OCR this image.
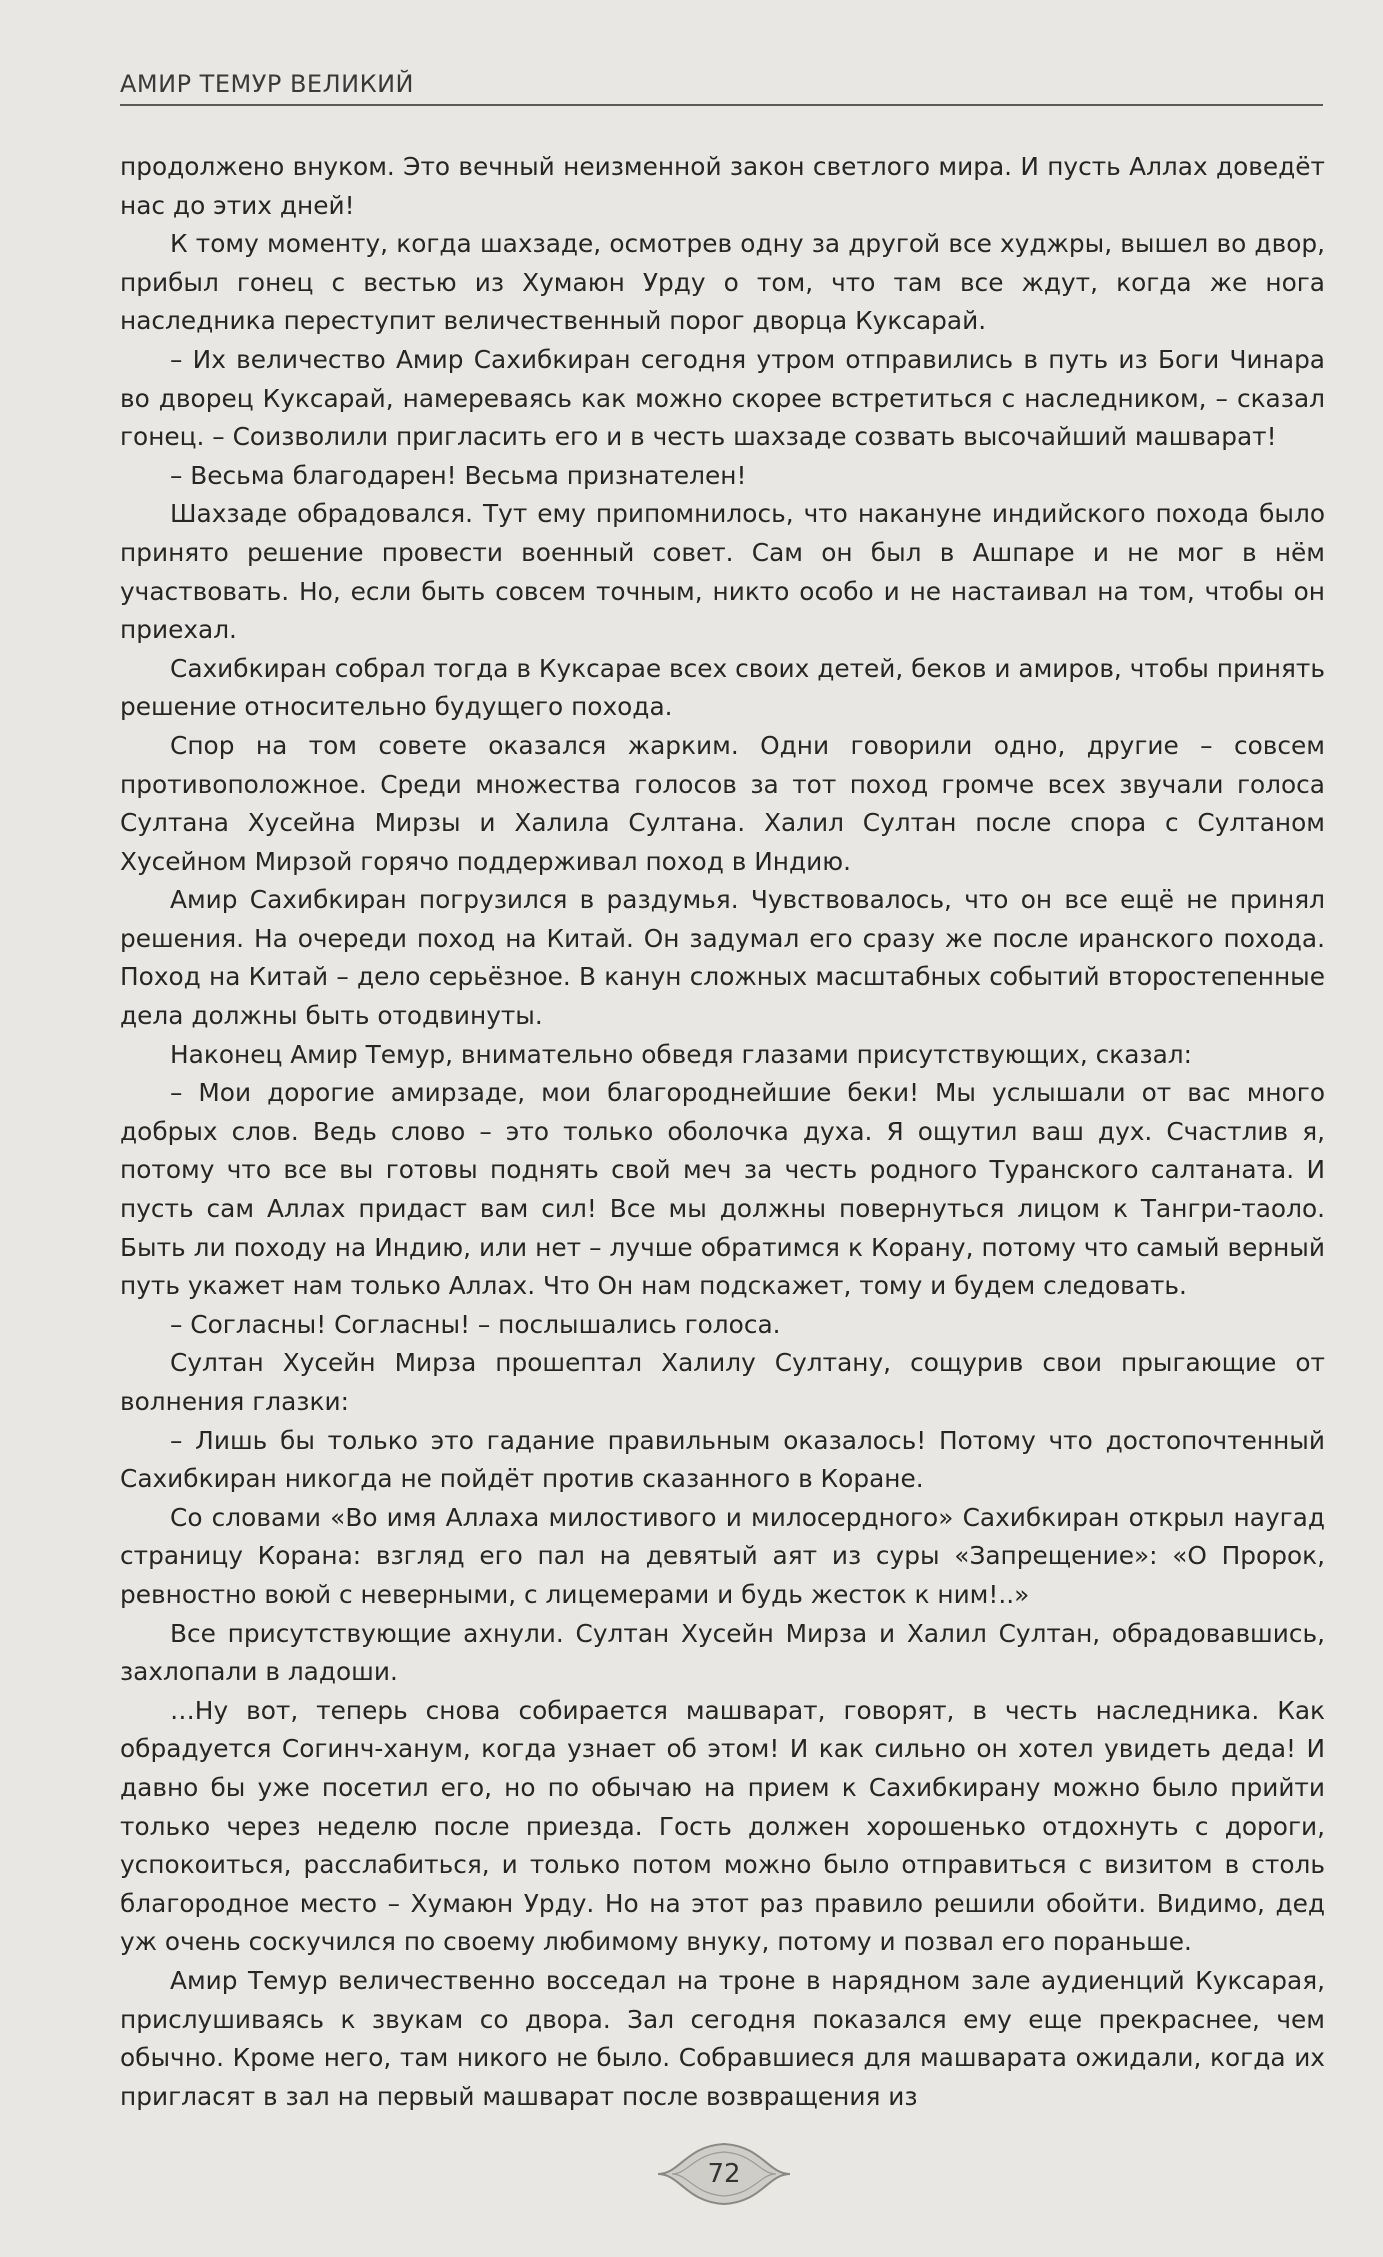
АМИР ТЕМУР ВЕЛИКИЙ

продолжено внуком. Это вечный неизменной закон светлого мира. И пусть Аллах доведёт нас до этих дней!

К тому моменту, когда шахзаде, осмотрев одну за другой все худжры, вышел во двор, прибыл гонец с вестью из Хумаюн Урду о том, что там все ждут, когда же нога наследника переступит величественный порог дворца Куксарай.

– Их величество Амир Сахибкиран сегодня утром отправились в путь из Боги Чинара во дворец Куксарай, намереваясь как можно скорее встретиться с наследником, – сказал гонец. – Соизволили пригласить его и в честь шахзаде созвать высочайший машварат!

– Весьма благодарен! Весьма признателен!

Шахзаде обрадовался. Тут ему припомнилось, что накануне индийского похода было принято решение провести военный совет. Сам он был в Ашпаре и не мог в нём участвовать. Но, если быть совсем точным, никто особо и не настаивал на том, чтобы он приехал.

Сахибкиран собрал тогда в Куксарае всех своих детей, беков и амиров, чтобы принять решение относительно будущего похода.

Спор на том совете оказался жарким. Одни говорили одно, другие – совсем противоположное. Среди множества голосов за тот поход громче всех звучали голоса Султана Хусейна Мирзы и Халила Султана. Халил Султан после спора с Султаном Хусейном Мирзой горячо поддерживал поход в Индию.

Амир Сахибкиран погрузился в раздумья. Чувствовалось, что он все ещё не принял решения. На очереди поход на Китай. Он задумал его сразу же после иранского похода. Поход на Китай – дело серьёзное. В канун сложных масштабных событий второстепенные дела должны быть отодвинуты.

Наконец Амир Темур, внимательно обведя глазами присутствующих, сказал:

– Мои дорогие амирзаде, мои благороднейшие беки! Мы услышали от вас много добрых слов. Ведь слово – это только оболочка духа. Я ощутил ваш дух. Счастлив я, потому что все вы готовы поднять свой меч за честь родного Туранского салтаната. И пусть сам Аллах придаст вам сил! Все мы должны повернуться лицом к Тангри-таоло. Быть ли походу на Индию, или нет – лучше обратимся к Корану, потому что самый верный путь укажет нам только Аллах. Что Он нам подскажет, тому и будем следовать.

– Согласны! Согласны! – послышались голоса.

Султан Хусейн Мирза прошептал Халилу Султану, сощурив свои прыгающие от волнения глазки:

– Лишь бы только это гадание правильным оказалось! Потому что достопочтенный Сахибкиран никогда не пойдёт против сказанного в Коране.

Со словами «Во имя Аллаха милостивого и милосердного» Сахибкиран открыл наугад страницу Корана: взгляд его пал на девятый аят из суры «Запрещение»: «О Пророк, ревностно воюй с неверными, с лицемерами и будь жесток к ним!..»

Все присутствующие ахнули. Султан Хусейн Мирза и Халил Султан, обрадовавшись, захлопали в ладоши.

…Ну вот, теперь снова собирается машварат, говорят, в честь наследника. Как обрадуется Согинч-ханум, когда узнает об этом! И как сильно он хотел увидеть деда! И давно бы уже посетил его, но по обычаю на прием к Сахибкирану можно было прийти только через неделю после приезда. Гость должен хорошенько отдохнуть с дороги, успокоиться, расслабиться, и только потом можно было отправиться с визитом в столь благородное место – Хумаюн Урду. Но на этот раз правило решили обойти. Видимо, дед уж очень соскучился по своему любимому внуку, потому и позвал его пораньше.

Амир Темур величественно восседал на троне в нарядном зале аудиенций Куксарая, прислушиваясь к звукам со двора. Зал сегодня показался ему еще прекраснее, чем обычно. Кроме него, там никого не было. Собравшиеся для машварата ожидали, когда их пригласят в зал на первый машварат после возвращения из

72
